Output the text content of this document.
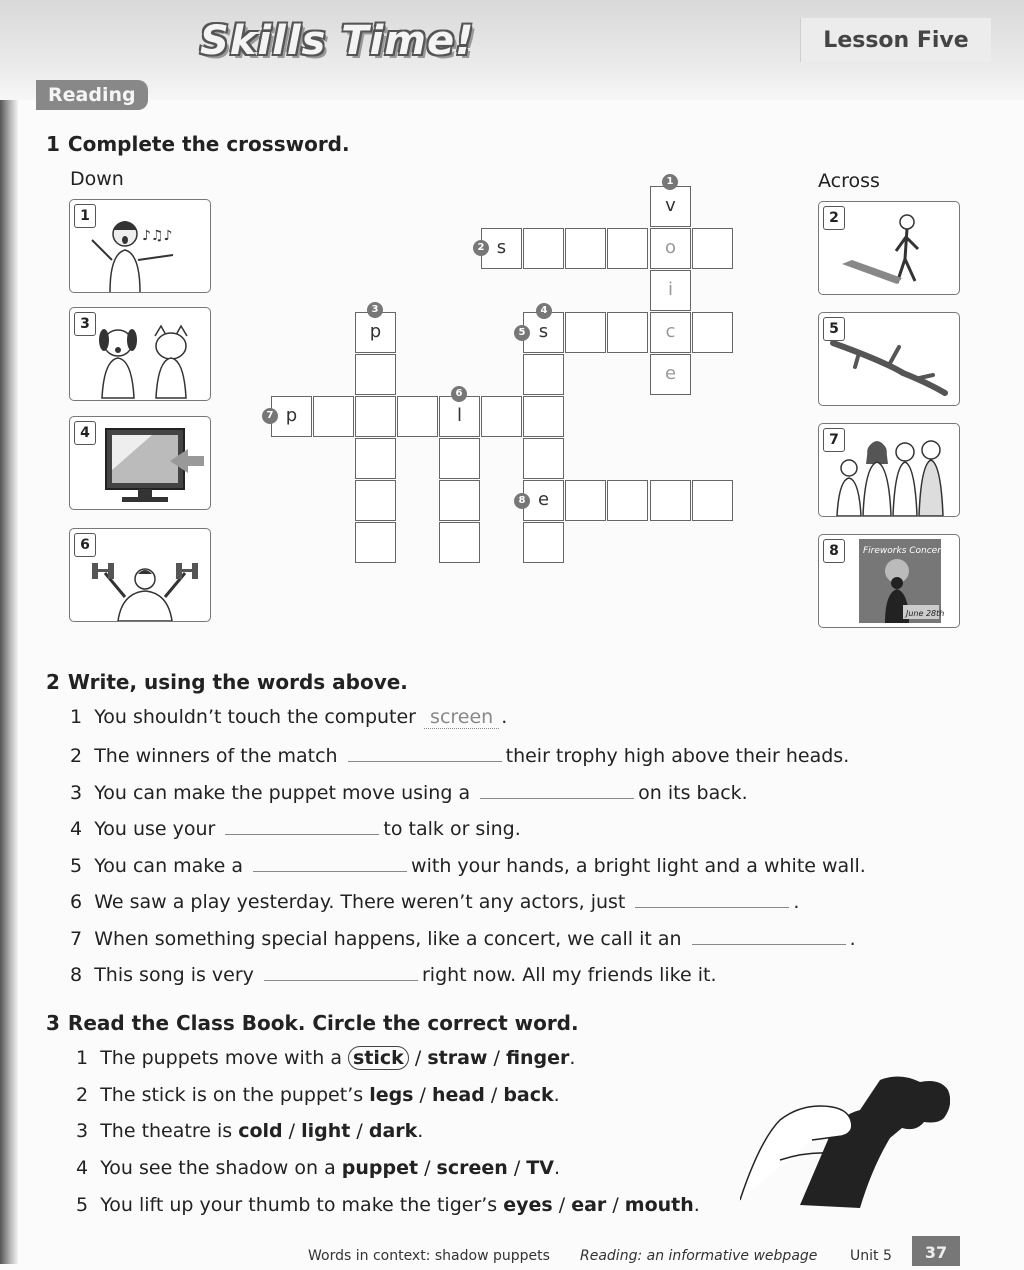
Skills Time!	Lesson Five
Reading
1 Complete the crossword.
Down	Across
♪♫♪
1
3
4
6
2
5
7
Fireworks Concert
June 28th
8
s	o
v
i
e
s	c
e
p
p	l
1
2
3	4
5
6
7
8
2 Write, using the words above.
1 You shouldn’t touch the computer screen .
2 The winners of the match	their trophy high above their heads.
3 You can make the puppet move using a	on its back.
4 You use your	to talk or sing.
5 You can make a	with your hands, a bright light and a white wall.
6 We saw a play yesterday. There weren’t any actors, just	.
7 When something special happens, like a concert, we call it an	.
8 This song is very	right now. All my friends like it.
3 Read the Class Book. Circle the correct word.
1 The puppets move with a stick / straw / finger.
2 The stick is on the puppet’s legs / head / back.
3 The theatre is cold / light / dark.
4 You see the shadow on a puppet / screen / TV.
5 You lift up your thumb to make the tiger’s eyes / ear / mouth.
Words in context: shadow puppets Reading: an informative webpage Unit 5	37
